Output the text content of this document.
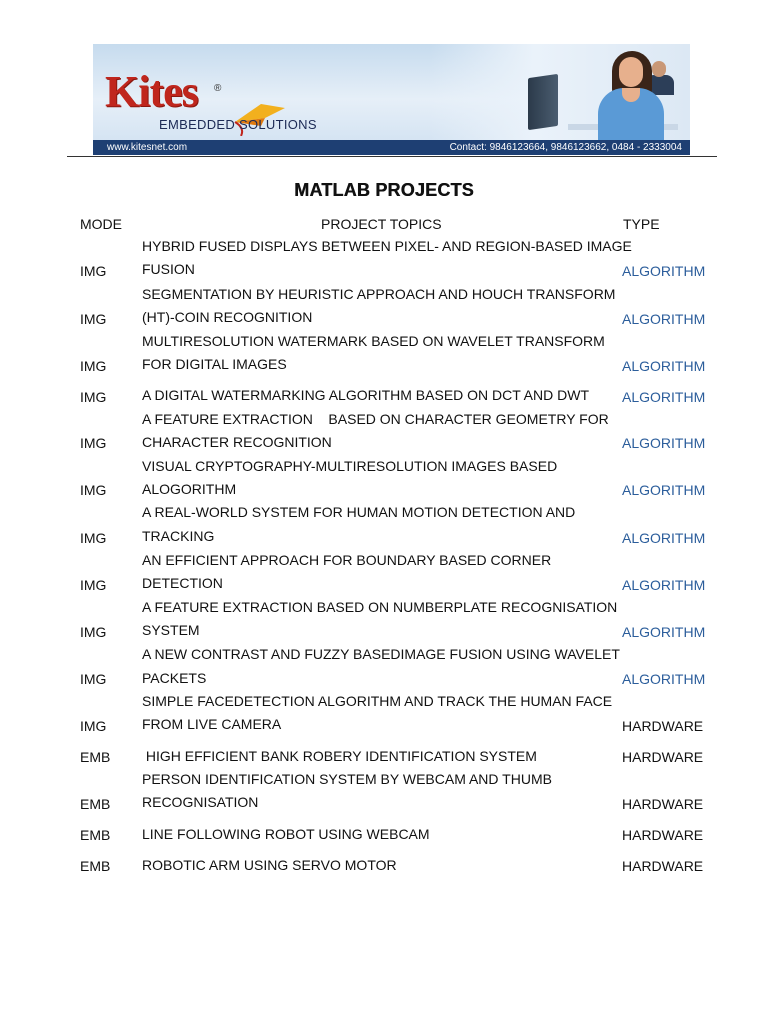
Kites ®
EMBEDDED SOLUTIONS
www.kitesnet.com	Contact: 9846123664, 9846123662, 0484 - 2333004
MATLAB PROJECTS
MODE	PROJECT TOPICS	TYPE
IMG
HYBRID FUSED DISPLAYS BETWEEN PIXEL- AND REGION-BASED IMAGE
FUSION	ALGORITHM
IMG
SEGMENTATION BY HEURISTIC APPROACH AND HOUCH TRANSFORM
(HT)-COIN RECOGNITION	ALGORITHM
IMG
MULTIRESOLUTION WATERMARK BASED ON WAVELET TRANSFORM
FOR DIGITAL IMAGES	ALGORITHM
IMG	A DIGITAL WATERMARKING ALGORITHM BASED ON DCT AND DWT	ALGORITHM
IMG
A FEATURE EXTRACTION    BASED ON CHARACTER GEOMETRY FOR
CHARACTER RECOGNITION	ALGORITHM
IMG
VISUAL CRYPTOGRAPHY-MULTIRESOLUTION IMAGES BASED
ALOGORITHM	ALGORITHM
IMG
A REAL-WORLD SYSTEM FOR HUMAN MOTION DETECTION AND
TRACKING	ALGORITHM
IMG
AN EFFICIENT APPROACH FOR BOUNDARY BASED CORNER
DETECTION	ALGORITHM
IMG
A FEATURE EXTRACTION BASED ON NUMBERPLATE RECOGNISATION
SYSTEM	ALGORITHM
IMG
A NEW CONTRAST AND FUZZY BASEDIMAGE FUSION USING WAVELET
PACKETS	ALGORITHM
IMG
SIMPLE FACEDETECTION ALGORITHM AND TRACK THE HUMAN FACE
FROM LIVE CAMERA	HARDWARE
EMB HIGH EFFICIENT BANK ROBERY IDENTIFICATION SYSTEM	HARDWARE
EMB
PERSON IDENTIFICATION SYSTEM BY WEBCAM AND THUMB
RECOGNISATION	HARDWARE
EMB LINE FOLLOWING ROBOT USING WEBCAM	HARDWARE
EMB ROBOTIC ARM USING SERVO MOTOR	HARDWARE
